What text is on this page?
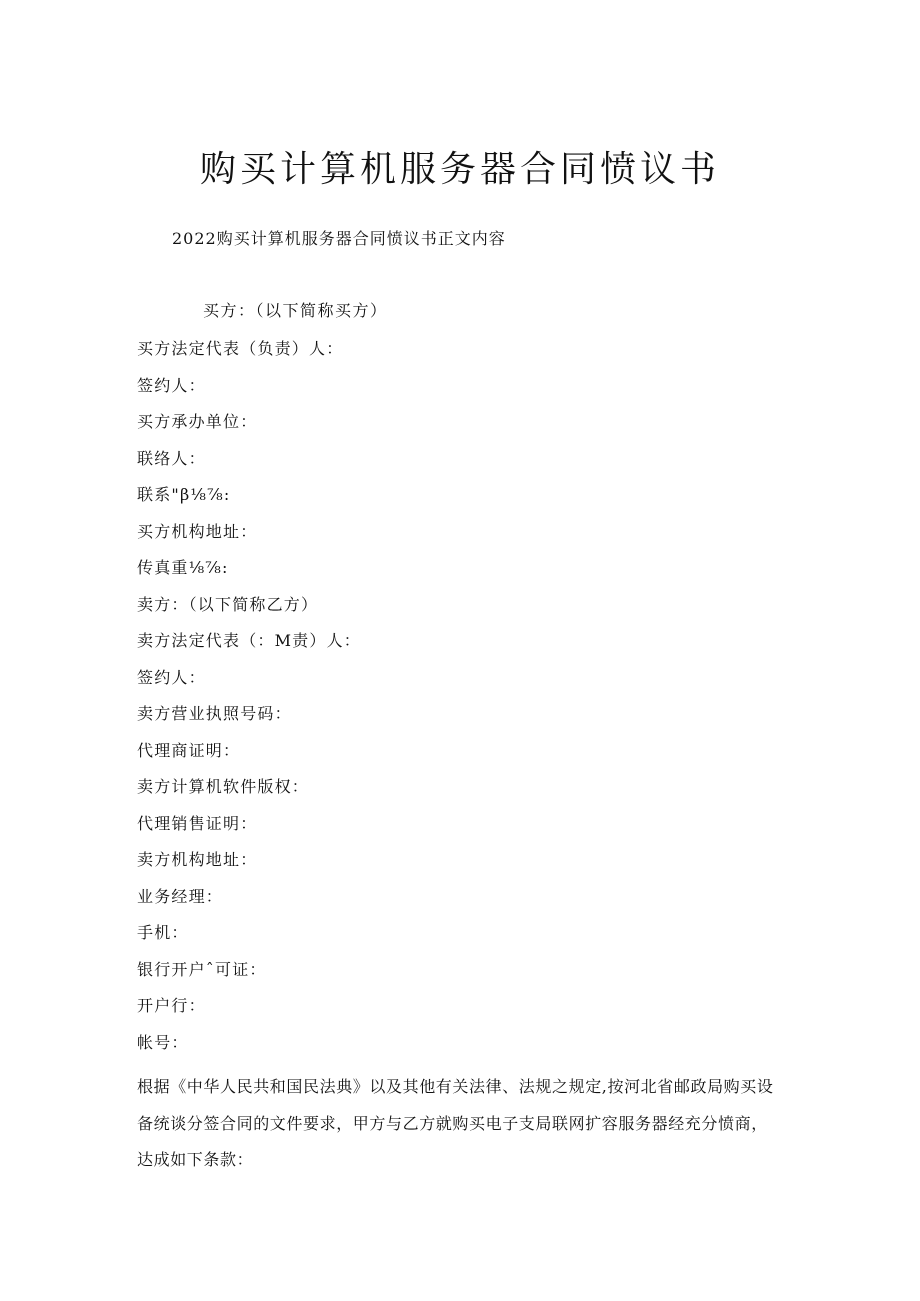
购买计算机服务器合同愤议书
2022购买计算机服务器合同愤议书正文内容
买方：（以下简称买方）
买方法定代表（负责）人：
签约人：
买方承办单位：
联络人：
联系"β⅛⅞:
买方机构地址：
传真重⅛⅞:
卖方：（以下简称乙方）
卖方法定代表（：M责）人：
签约人：
卖方营业执照号码：
代理商证明：
卖方计算机软件版权：
代理销售证明：
卖方机构地址：
业务经理：
手机：
银行开户ˆ可证：
开户行：
帐号：
根据《中华人民共和国民法典》以及其他有关法律、法规之规定,按河北省邮政局购买设
备统谈分签合同的文件要求，甲方与乙方就购买电子支局联网扩容服务器经充分愤商，
达成如下条款：
